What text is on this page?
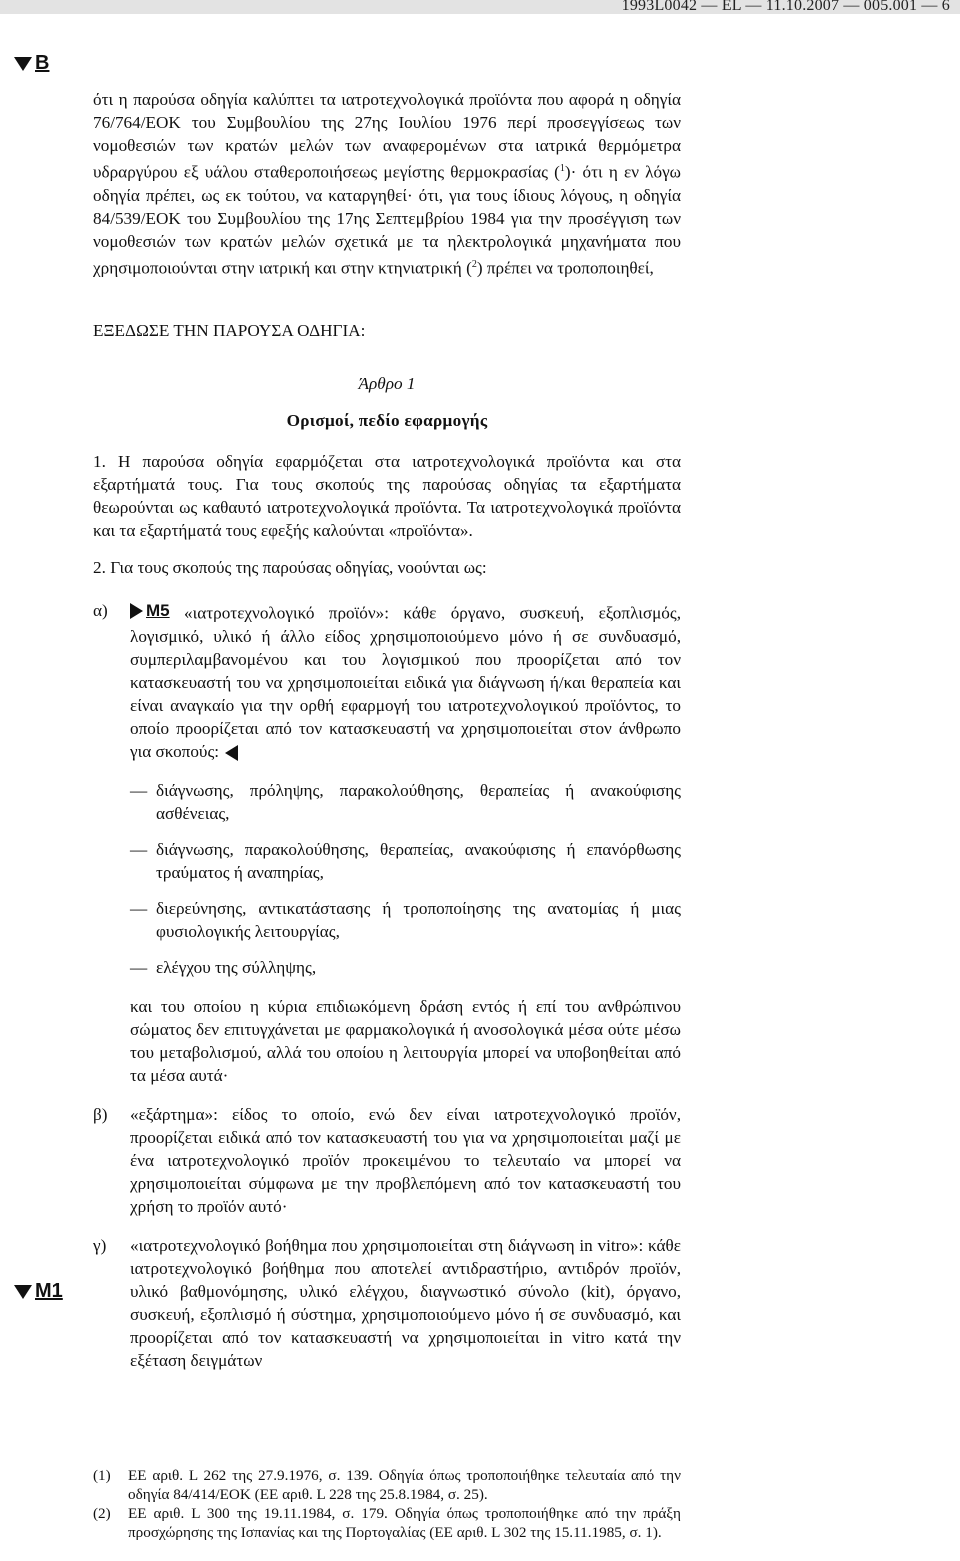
1993L0042 — EL — 11.10.2007 — 005.001 — 6
B
M1

ότι η παρούσα οδηγία καλύπτει τα ιατροτεχνολογικά προϊόντα που αφορά η οδηγία 76/764/ΕΟΚ του Συμβουλίου της 27ης Ιουλίου 1976 περί προσεγγίσεως των νομοθεσιών των κρατών μελών των αναφερομένων στα ιατρικά θερμόμετρα υδραργύρου εξ υάλου σταθεροποιήσεως μεγίστης θερμοκρασίας ($^1$)· ότι η εν λόγω οδηγία πρέπει, ως εκ τούτου, να καταργηθεί· ότι, για τους ίδιους λόγους, η οδηγία 84/539/ΕΟΚ του Συμβουλίου της 17ης Σεπτεμβρίου 1984 για την προσέγγιση των νομοθεσιών των κρατών μελών σχετικά με τα ηλεκτρολογικά μηχανήματα που χρησιμοποιούνται στην ιατρική και στην κτηνιατρική ($^2$) πρέπει να τροποποιηθεί,

ΕΞΕΔΩΣΕ ΤΗΝ ΠΑΡΟΥΣΑ ΟΔΗΓΙΑ:

Άρθρο 1

Ορισμοί, πεδίο εφαρμογής

1. Η παρούσα οδηγία εφαρμόζεται στα ιατροτεχνολογικά προϊόντα και στα εξαρτήματά τους. Για τους σκοπούς της παρούσας οδηγίας τα εξαρτήματα θεωρούνται ως καθαυτό ιατροτεχνολογικά προϊόντα. Τα ιατροτεχνολογικά προϊόντα και τα εξαρτήματά τους εφεξής καλούνται «προϊόντα».

2. Για τους σκοπούς της παρούσας οδηγίας, νοούνται ως:

α)	M5 «ιατροτεχνολογικό προϊόν»: κάθε όργανο, συσκευή, εξοπλισμός, λογισμικό, υλικό ή άλλο είδος χρησιμοποιούμενο μόνο ή σε συνδυασμό, συμπεριλαμβανομένου και του λογισμικού που προορίζεται από τον κατασκευαστή του να χρησιμοποιείται ειδικά για διάγνωση ή/και θεραπεία και είναι αναγκαίο για την ορθή εφαρμογή του ιατροτεχνολογικού προϊόντος, το οποίο προορίζεται από τον κατασκευαστή να χρησιμοποιείται στον άνθρωπο για σκοπούς:

— διάγνωσης, πρόληψης, παρακολούθησης, θεραπείας ή ανακούφισης ασθένειας,
— διάγνωσης, παρακολούθησης, θεραπείας, ανακούφισης ή επανόρθωσης τραύματος ή αναπηρίας,
— διερεύνησης, αντικατάστασης ή τροποποίησης της ανατομίας ή μιας φυσιολογικής λειτουργίας,
— ελέγχου της σύλληψης,

και του οποίου η κύρια επιδιωκόμενη δράση εντός ή επί του ανθρώπινου σώματος δεν επιτυγχάνεται με φαρμακολογικά ή ανοσολογικά μέσα ούτε μέσω του μεταβολισμού, αλλά του οποίου η λειτουργία μπορεί να υποβοηθείται από τα μέσα αυτά·

β)	«εξάρτημα»: είδος το οποίο, ενώ δεν είναι ιατροτεχνολογικό προϊόν, προορίζεται ειδικά από τον κατασκευαστή του για να χρησιμοποιείται μαζί με ένα ιατροτεχνολογικό προϊόν προκειμένου το τελευταίο να μπορεί να χρησιμοποιείται σύμφωνα με την προβλεπόμενη από τον κατασκευαστή του χρήση το προϊόν αυτό·

γ)	«ιατροτεχνολογικό βοήθημα που χρησιμοποιείται στη διάγνωση in vitro»: κάθε ιατροτεχνολογικό βοήθημα που αποτελεί αντιδραστήριο, αντιδρόν προϊόν, υλικό βαθμονόμησης, υλικό ελέγχου, διαγνωστικό σύνολο (kit), όργανο, συσκευή, εξοπλισμό ή σύστημα, χρησιμοποιούμενο μόνο ή σε συνδυασμό, και προορίζεται από τον κατασκευαστή να χρησιμοποιείται in vitro κατά την εξέταση δειγμάτων

(1)	ΕΕ αριθ. L 262 της 27.9.1976, σ. 139. Οδηγία όπως τροποποιήθηκε τελευταία από την οδηγία 84/414/ΕΟΚ (ΕΕ αριθ. L 228 της 25.8.1984, σ. 25).
(2)	ΕΕ αριθ. L 300 της 19.11.1984, σ. 179. Οδηγία όπως τροποποιήθηκε από την πράξη προσχώρησης της Ισπανίας και της Πορτογαλίας (ΕΕ αριθ. L 302 της 15.11.1985, σ. 1).
